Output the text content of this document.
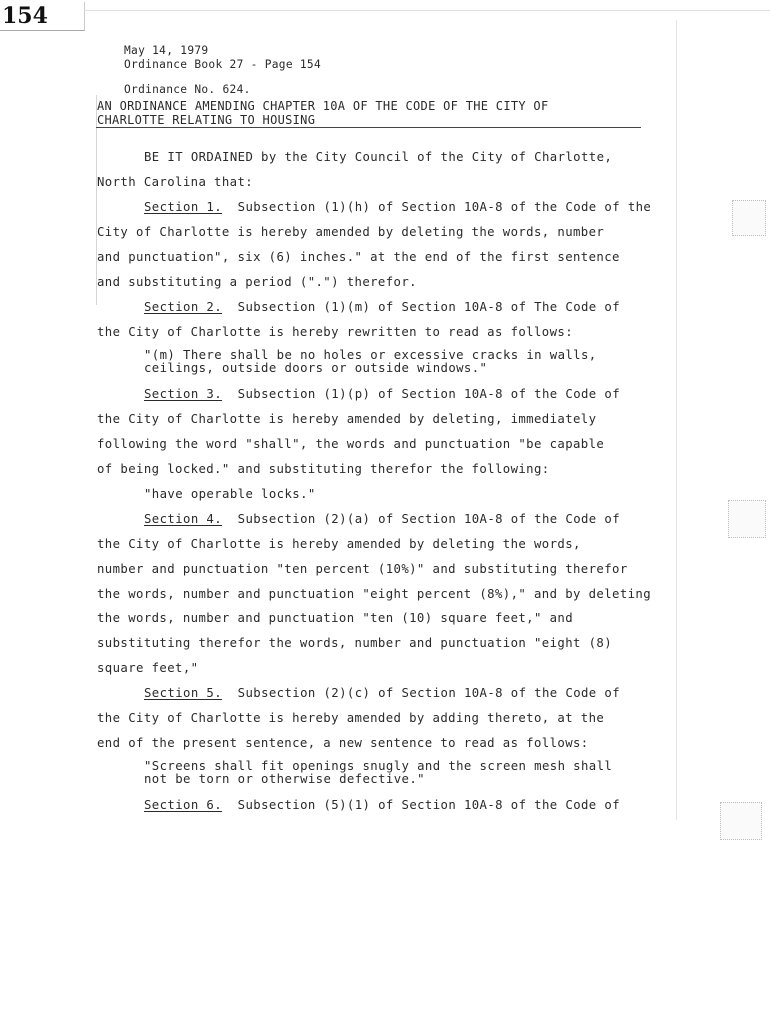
154
May 14, 1979
Ordinance Book 27 - Page 154
Ordinance No. 624.
AN ORDINANCE AMENDING CHAPTER 10A OF THE CODE OF THE CITY OF
CHARLOTTE RELATING TO HOUSING
BE IT ORDAINED by the City Council of the City of Charlotte,
North Carolina that:
Section 1. Subsection (1)(h) of Section 10A-8 of the Code of the
City of Charlotte is hereby amended by deleting the words, number
and punctuation", six (6) inches." at the end of the first sentence
and substituting a period (".") therefor.
Section 2. Subsection (1)(m) of Section 10A-8 of The Code of
the City of Charlotte is hereby rewritten to read as follows:
"(m) There shall be no holes or excessive cracks in walls,
ceilings, outside doors or outside windows."
Section 3. Subsection (1)(p) of Section 10A-8 of the Code of
the City of Charlotte is hereby amended by deleting, immediately
following the word "shall", the words and punctuation "be capable
of being locked." and substituting therefor the following:
"have operable locks."
Section 4. Subsection (2)(a) of Section 10A-8 of the Code of
the City of Charlotte is hereby amended by deleting the words,
number and punctuation "ten percent (10%)" and substituting therefor
the words, number and punctuation "eight percent (8%)," and by deleting
the words, number and punctuation "ten (10) square feet," and
substituting therefor the words, number and punctuation "eight (8)
square feet,"
Section 5. Subsection (2)(c) of Section 10A-8 of the Code of
the City of Charlotte is hereby amended by adding thereto, at the
end of the present sentence, a new sentence to read as follows:
"Screens shall fit openings snugly and the screen mesh shall
not be torn or otherwise defective."
Section 6. Subsection (5)(1) of Section 10A-8 of the Code of
